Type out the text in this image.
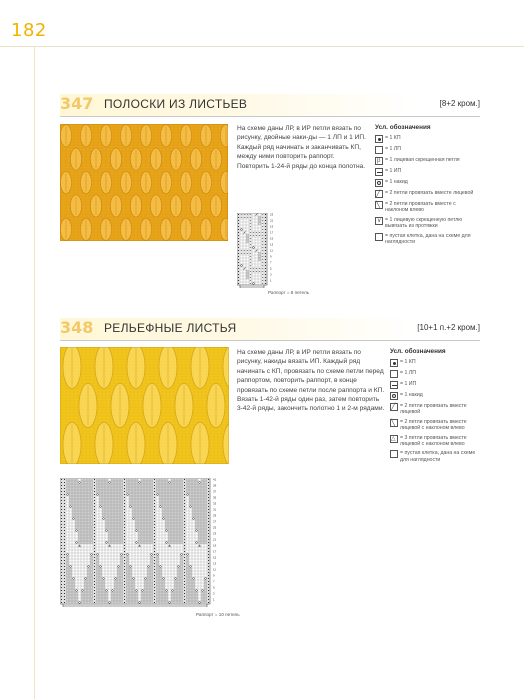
182
347 ПОЛОСКИ ИЗ ЛИСТЬЕВ	[8+2 кром.]

На схеме даны ЛР, в ИР петли вязать по рисунку, двойные наки-ды — 1 ЛП и 1 ИП. Каждый ряд начинать и заканчивать КП, между ними повторить раппорт. Повторить 1-24-й ряды до конца полотна.

23
21
19
17
15
13
11
9
7
5
3
1
Раппорт = 8 петель
Усл. обозначения
= 1 КП
= 1 ЛП
β = 1 лицевая скрещенная петля
= 1 ИП
= 1 накид
╱ = 2 петли провязать вместе лицевой
╲ = 2 петли провязать вместе с наклоном влево
∨ = 1 лицевую скрещенную петлю вывязать из протяжки
= пустая клетка, дана на схеме для наглядности
348 РЕЛЬЕФНЫЕ ЛИСТЬЯ	[10+1 п.+2 кром.]

На схеме даны ЛР, в ИР петли вязать по рисунку, накиды вязать ИП. Каждый ряд начинать с КП, провязать по схеме петли перед раппортом, повторить раппорт, в конце провязать по схеме петли после раппорта и КП. Вязать 1-42-й ряды один раз, затем повторить 3-42-й ряды, закончить полотно 1 и 2-м рядами.

Усл. обозначения
= 1 КП
= 1 ЛП
= 1 ИП
= 1 накид
╱ = 2 петли провязать вместе лицевой
╲ = 2 петли провязать вместе лицевой с наклоном влево
△ = 3 петли провязать вместе лицевой с наклоном влево
= пустая клетка, дана на схеме для наглядности
41
39
37
35
33
31
29
27
25
23
21
19
17
15
13
11
9
7
5
3
1
Раппорт = 10 петель
